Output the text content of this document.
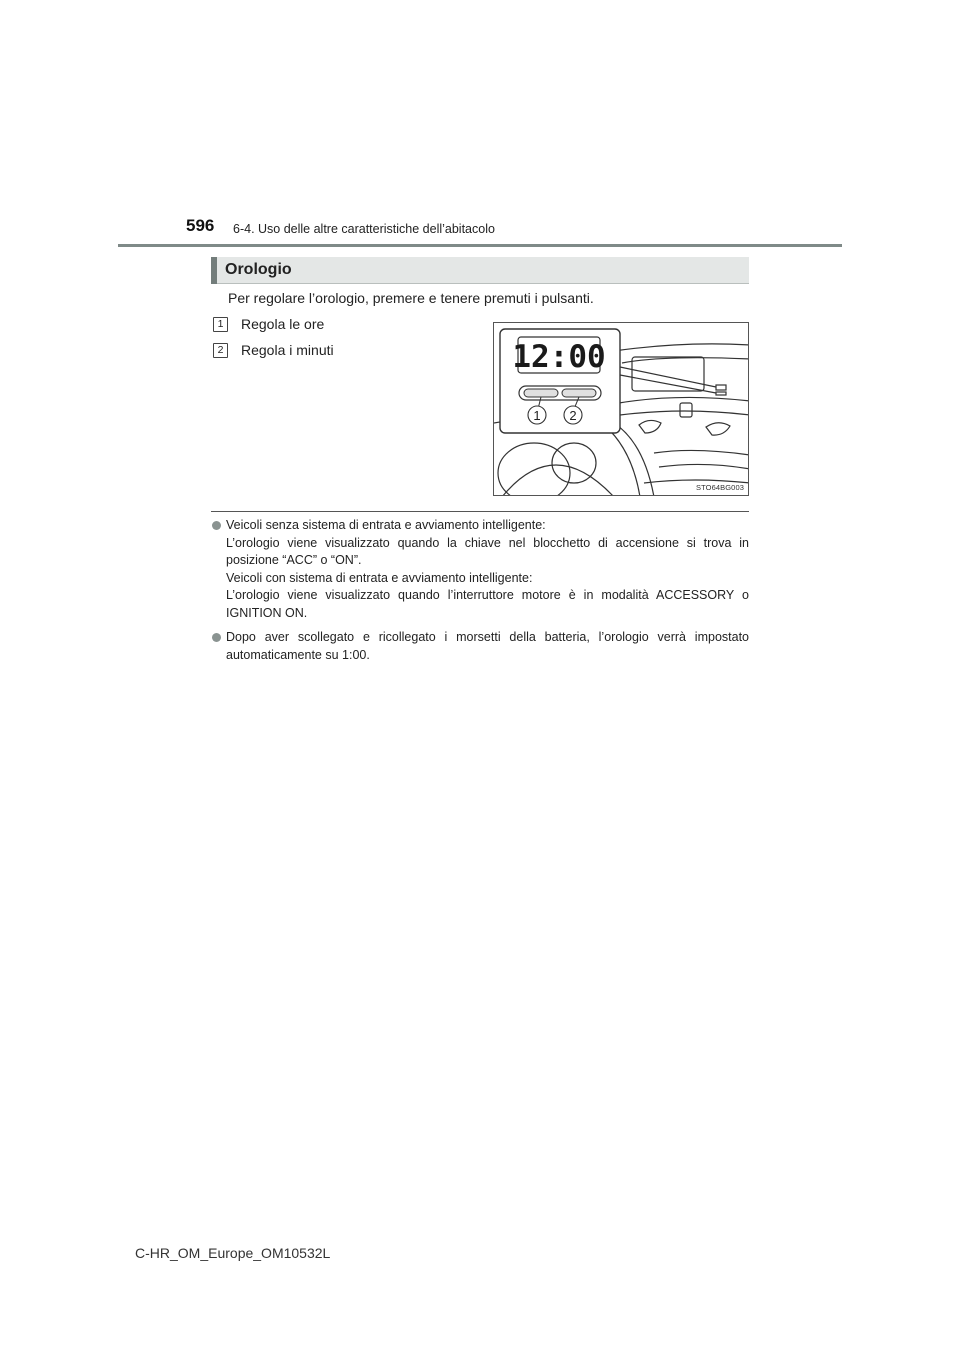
596 6-4. Uso delle altre caratteristiche dell’abitacolo
Orologio
Per regolare l’orologio, premere e tenere premuti i pulsanti.
1	Regola le ore
2	Regola i minuti	12:00
1 2
STO64BG003

Veicoli senza sistema di entrata e avviamento intelligente:

L’orologio viene visualizzato quando la chiave nel blocchetto di accensione si trova in posizione “ACC” o “ON”.

Veicoli con sistema di entrata e avviamento intelligente:

L’orologio viene visualizzato quando l’interruttore motore è in modalità ACCESSORY o IGNITION ON.

Dopo aver scollegato e ricollegato i morsetti della batteria, l’orologio verrà impostato automaticamente su 1:00.

C-HR_OM_Europe_OM10532L
